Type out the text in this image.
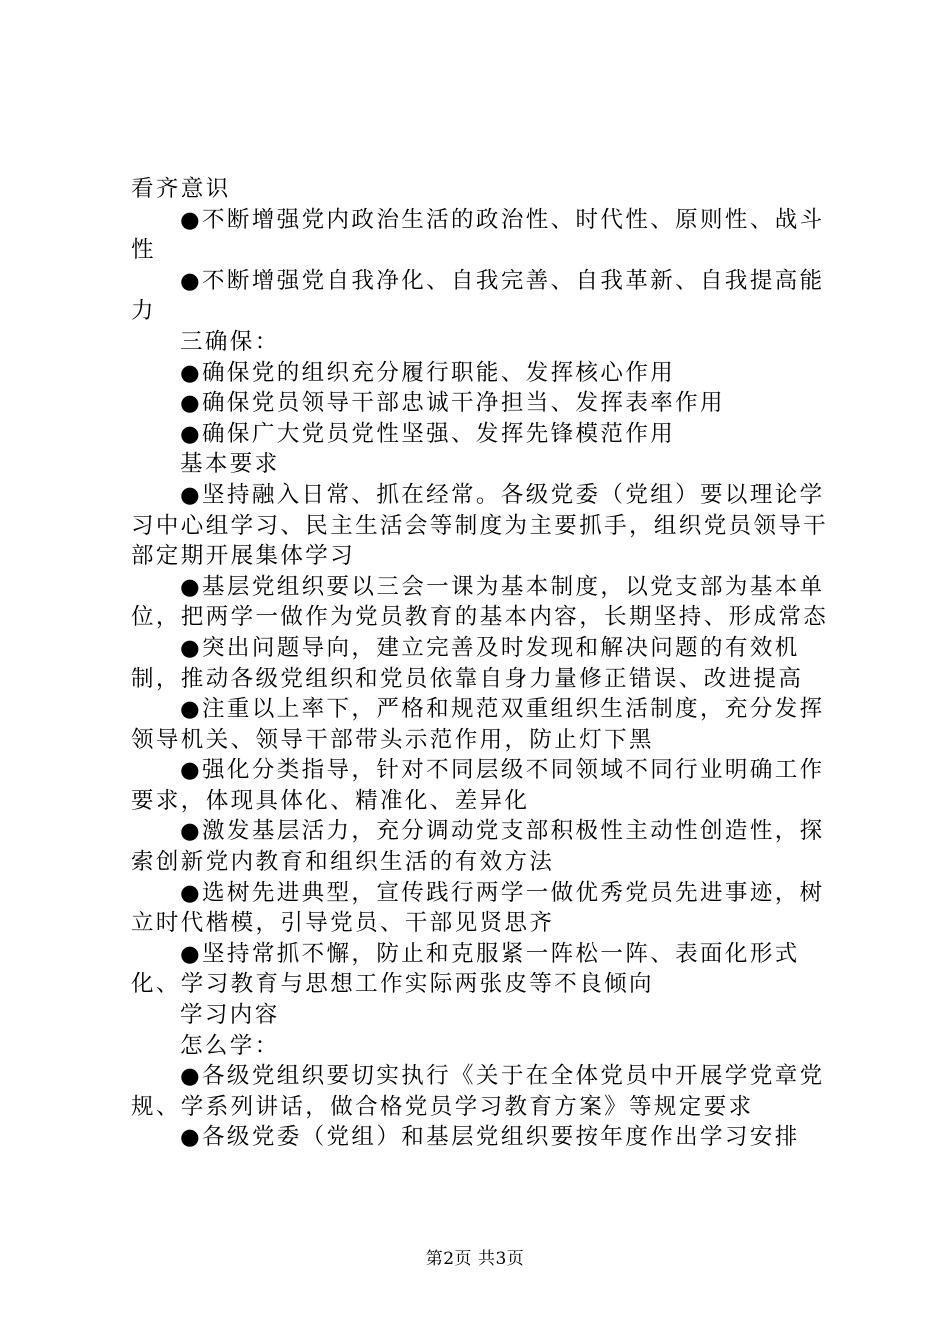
看齐意识

●不断增强党内政治生活的政治性、时代性、原则性、战斗性

●不断增强党自我净化、自我完善、自我革新、自我提高能力

三确保：

●确保党的组织充分履行职能、发挥核心作用

●确保党员领导干部忠诚干净担当、发挥表率作用

●确保广大党员党性坚强、发挥先锋模范作用

基本要求

●坚持融入日常、抓在经常。各级党委（党组）要以理论学习中心组学习、民主生活会等制度为主要抓手，组织党员领导干部定期开展集体学习

●基层党组织要以三会一课为基本制度，以党支部为基本单位，把两学一做作为党员教育的基本内容，长期坚持、形成常态

●突出问题导向，建立完善及时发现和解决问题的有效机制，推动各级党组织和党员依靠自身力量修正错误、改进提高

●注重以上率下，严格和规范双重组织生活制度，充分发挥领导机关、领导干部带头示范作用，防止灯下黑

●强化分类指导，针对不同层级不同领域不同行业明确工作要求，体现具体化、精准化、差异化

●激发基层活力，充分调动党支部积极性主动性创造性，探索创新党内教育和组织生活的有效方法

●选树先进典型，宣传践行两学一做优秀党员先进事迹，树立时代楷模，引导党员、干部见贤思齐

●坚持常抓不懈，防止和克服紧一阵松一阵、表面化形式化、学习教育与思想工作实际两张皮等不良倾向

学习内容

怎么学：

●各级党组织要切实执行《关于在全体党员中开展学党章党规、学系列讲话，做合格党员学习教育方案》等规定要求

●各级党委（党组）和基层党组织要按年度作出学习安排

第2页 共3页
